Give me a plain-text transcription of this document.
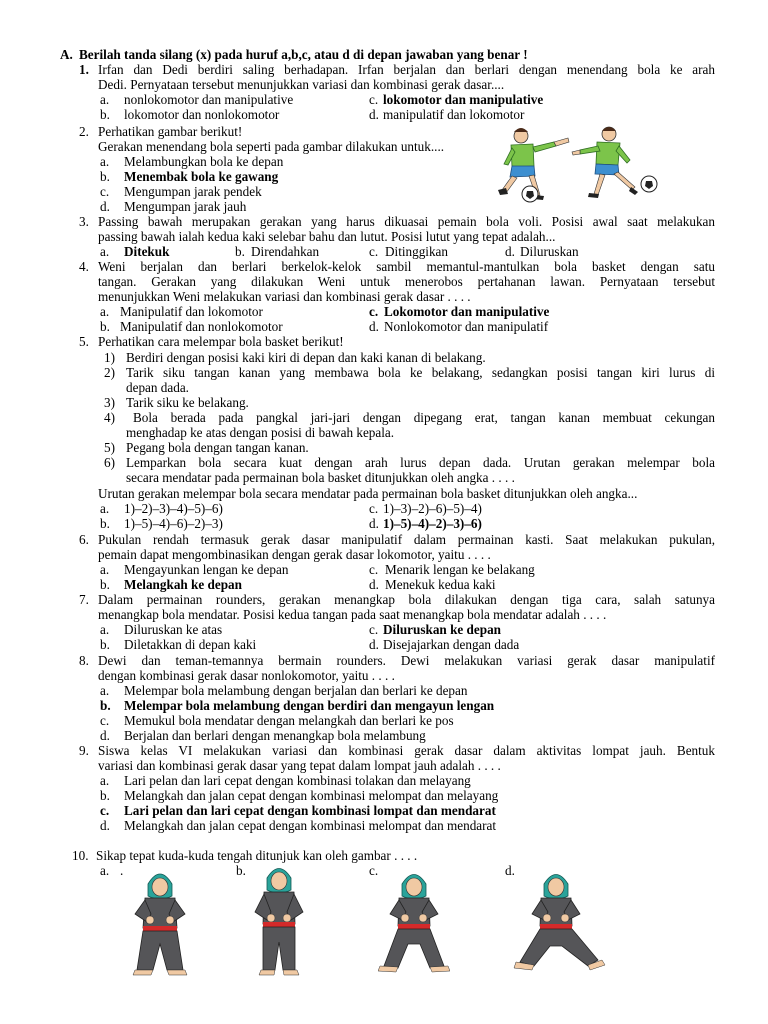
A. Berilah tanda silang (x) pada huruf a,b,c, atau d di depan jawaban yang benar !
1. Irfan dan Dedi berdiri saling berhadapan. Irfan berjalan dan berlari dengan menendang bola ke arah
Dedi. Pernyataan tersebut menunjukkan variasi dan kombinasi gerak dasar....
a. nonlokomotor dan manipulative
b. lokomotor dan nonlokomotor
c. lokomotor dan manipulative
d. manipulatif dan lokomotor
2. Perhatikan gambar berikut!
Gerakan menendang bola seperti pada gambar dilakukan untuk....
a. Melambungkan bola ke depan
b. Menembak bola ke gawang
c. Mengumpan jarak pendek
d. Mengumpan jarak jauh
3. Passing bawah merupakan gerakan yang harus dikuasai pemain bola voli. Posisi awal saat melakukan
passing bawah ialah kedua kaki selebar bahu dan lutut. Posisi lutut yang tepat adalah...
a. Ditekuk	b. Direndahkan	c. Ditinggikan	d. Diluruskan
4. Weni berjalan dan berlari berkelok-kelok sambil memantul-mantulkan bola basket dengan satu
tangan. Gerakan yang dilakukan Weni untuk menerobos pertahanan lawan. Pernyataan tersebut
menunjukkan Weni melakukan variasi dan kombinasi gerak dasar . . . .
a. Manipulatif dan lokomotor
b. Manipulatif dan nonlokomotor
c. Lokomotor dan manipulative
d. Nonlokomotor dan manipulatif
5. Perhatikan cara melempar bola basket berikut!
1) Berdiri dengan posisi kaki kiri di depan dan kaki kanan di belakang.
2) Tarik siku tangan kanan yang membawa bola ke belakang, sedangkan posisi tangan kiri lurus di
depan dada.
3) Tarik siku ke belakang.
4) Bola berada pada pangkal jari-jari dengan dipegang erat, tangan kanan membuat cekungan
menghadap ke atas dengan posisi di bawah kepala.
5) Pegang bola dengan tangan kanan.
6) Lemparkan bola secara kuat dengan arah lurus depan dada. Urutan gerakan melempar bola
secara mendatar pada permainan bola basket ditunjukkan oleh angka . . . .
Urutan gerakan melempar bola secara mendatar pada permainan bola basket ditunjukkan oleh angka...
a. 1)–2)–3)–4)–5)–6)
b. 1)–5)–4)–6)–2)–3)
c. 1)–3)–2)–6)–5)–4)
d. 1)–5)–4)–2)–3)–6)
6. Pukulan rendah termasuk gerak dasar manipulatif dalam permainan kasti. Saat melakukan pukulan,
pemain dapat mengombinasikan dengan gerak dasar lokomotor, yaitu . . . .
a. Mengayunkan lengan ke depan
b. Melangkah ke depan
c. Menarik lengan ke belakang
d. Menekuk kedua kaki
7. Dalam permainan rounders, gerakan menangkap bola dilakukan dengan tiga cara, salah satunya
menangkap bola mendatar. Posisi kedua tangan pada saat menangkap bola mendatar adalah . . . .
a. Diluruskan ke atas
b. Diletakkan di depan kaki
c. Diluruskan ke depan
d. Disejajarkan dengan dada
8. Dewi dan teman-temannya bermain rounders. Dewi melakukan variasi gerak dasar manipulatif
dengan kombinasi gerak dasar nonlokomotor, yaitu . . . .
a. Melempar bola melambung dengan berjalan dan berlari ke depan
b. Melempar bola melambung dengan berdiri dan mengayun lengan
c. Memukul bola mendatar dengan melangkah dan berlari ke pos
d. Berjalan dan berlari dengan menangkap bola melambung
9. Siswa kelas VI melakukan variasi dan kombinasi gerak dasar dalam aktivitas lompat jauh. Bentuk
variasi dan kombinasi gerak dasar yang tepat dalam lompat jauh adalah . . . .
a. Lari pelan dan lari cepat dengan kombinasi tolakan dan melayang
b. Melangkah dan jalan cepat dengan kombinasi melompat dan melayang
c. Lari pelan dan lari cepat dengan kombinasi lompat dan mendarat
d. Melangkah dan jalan cepat dengan kombinasi melompat dan mendarat
10. Sikap tepat kuda-kuda tengah ditunjuk kan oleh gambar . . . .
a. .	b.	c.	d.
